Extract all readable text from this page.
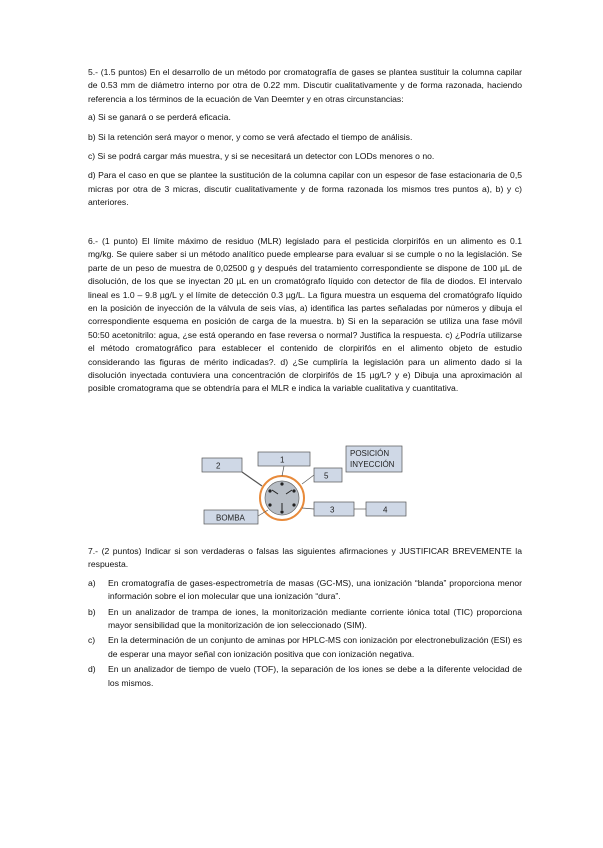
5.- (1.5 puntos) En el desarrollo de un método por cromatografía de gases se plantea sustituir la columna capilar de 0.53 mm de diámetro interno por otra de 0.22 mm. Discutir cualitativamente y de forma razonada, haciendo referencia a los términos de la ecuación de Van Deemter y en otras circunstancias:

a) Si se ganará o se perderá eficacia.

b) Si la retención será mayor o menor, y como se verá afectado el tiempo de análisis.

c) Si se podrá cargar más muestra, y si se necesitará un detector con LODs menores o no.

d) Para el caso en que se plantee la sustitución de la columna capilar con un espesor de fase estacionaria de 0,5 micras por otra de 3 micras, discutir cualitativamente y de forma razonada los mismos tres puntos a), b) y c) anteriores.

6.- (1 punto) El límite máximo de residuo (MLR) legislado para el pesticida clorpirifós en un alimento es 0.1 mg/kg. Se quiere saber si un método analítico puede emplearse para evaluar si se cumple o no la legislación. Se parte de un peso de muestra de 0,02500 g y después del tratamiento correspondiente se dispone de 100 µL de disolución, de los que se inyectan 20 µL en un cromatógrafo líquido con detector de fila de diodos. El intervalo lineal es 1.0 – 9.8 µg/L y el límite de detección 0.3 µg/L. La figura muestra un esquema del cromatógrafo líquido en la posición de inyección de la válvula de seis vías, a) identifica las partes señaladas por números y dibuja el correspondiente esquema en posición de carga de la muestra. b) Si en la separación se utiliza una fase móvil 50:50 acetonitrilo: agua, ¿se está operando en fase reversa o normal? Justifica la respuesta. c) ¿Podría utilizarse el método cromatográfico para establecer el contenido de clorpirifós en el alimento objeto de estudio considerando las figuras de mérito indicadas?. d) ¿Se cumpliría la legislación para un alimento dado si la disolución inyectada contuviera una concentración de clorpirifós de 15 µg/L? y e) Dibuja una aproximación al posible cromatograma que se obtendría para el MLR e indica la variable cualitativa y cuantitativa.

2
1
5
POSICIÓN
INYECCIÓN
3	4
BOMBA

7.- (2 puntos) Indicar si son verdaderas o falsas las siguientes afirmaciones y JUSTIFICAR BREVEMENTE la respuesta.

a)	En cromatografía de gases-espectrometría de masas (GC-MS), una ionización “blanda” proporciona menor información sobre el ion molecular que una ionización “dura”.
b)	En un analizador de trampa de iones, la monitorización mediante corriente iónica total (TIC) proporciona mayor sensibilidad que la monitorización de ion seleccionado (SIM).
c)	En la determinación de un conjunto de aminas por HPLC-MS con ionización por electronebulización (ESI) es de esperar una mayor señal con ionización positiva que con ionización negativa.
d)	En un analizador de tiempo de vuelo (TOF), la separación de los iones se debe a la diferente velocidad de los mismos.
